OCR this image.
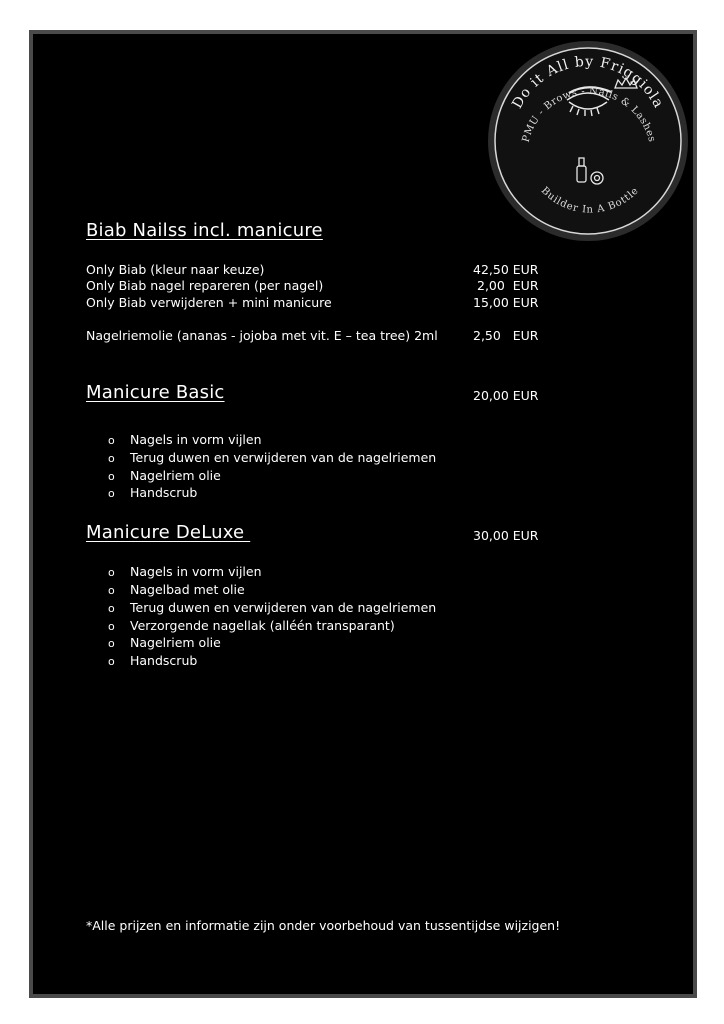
Do it All by Friggiola
PMU - Brows - Nails & Lashes
Builder In A Bottle
Biab Nailss incl. manicure
Only Biab (kleur naar keuze)	42,50 EUR
Only Biab nagel repareren (per nagel)	2,00  EUR
Only Biab verwijderen + mini manicure	15,00 EUR
Nagelriemolie (ananas - jojoba met vit. E – tea tree) 2ml	2,50   EUR
Manicure Basic	20,00 EUR
o Nagels in vorm vijlen
o Terug duwen en verwijderen van de nagelriemen
o Nagelriem olie
o Handscrub
Manicure DeLuxe	30,00 EUR
o Nagels in vorm vijlen
o Nagelbad met olie
o Terug duwen en verwijderen van de nagelriemen
o Verzorgende nagellak (alléén transparant)
o Nagelriem olie
o Handscrub
*Alle prijzen en informatie zijn onder voorbehoud van tussentijdse wijzigen!
